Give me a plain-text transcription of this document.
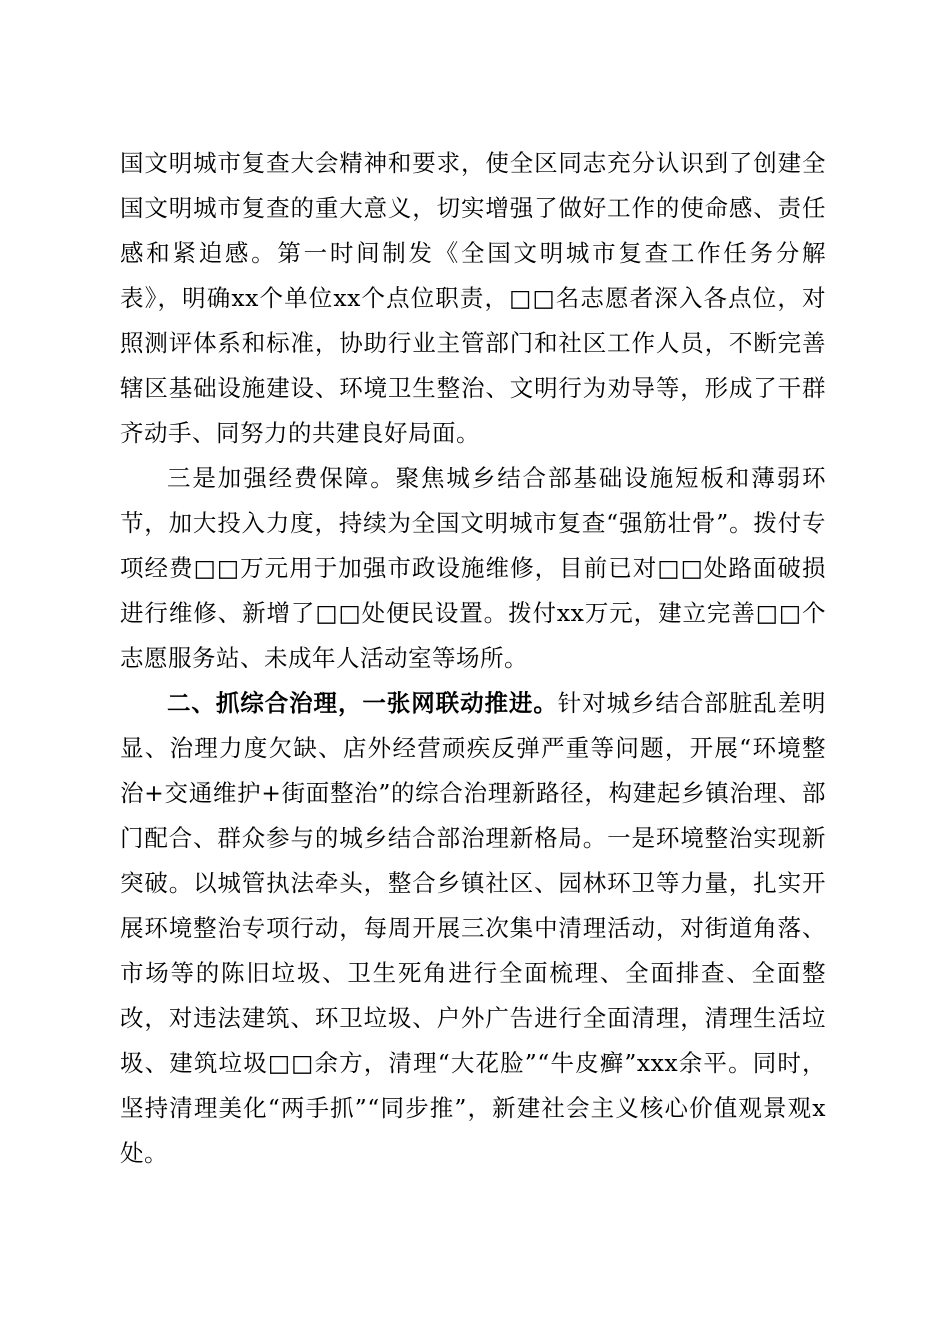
国文明城市复查大会精神和要求，使全区同志充分认识到了创建全国文明城市复查的重大意义，切实增强了做好工作的使命感、责任感和紧迫感。第一时间制发《全国文明城市复查工作任务分解表》，明确xx个单位xx个点位职责，□□名志愿者深入各点位，对照测评体系和标准，协助行业主管部门和社区工作人员，不断完善辖区基础设施建设、环境卫生整治、文明行为劝导等，形成了干群齐动手、同努力的共建良好局面。

三是加强经费保障。聚焦城乡结合部基础设施短板和薄弱环节，加大投入力度，持续为全国文明城市复查“强筋壮骨”。拨付专项经费□□万元用于加强市政设施维修，目前已对□□处路面破损进行维修、新增了□□处便民设置。拨付xx万元，建立完善□□个志愿服务站、未成年人活动室等场所。

二、抓综合治理，一张网联动推进。针对城乡结合部脏乱差明显、治理力度欠缺、店外经营顽疾反弹严重等问题，开展“环境整治+交通维护+街面整治”的综合治理新路径，构建起乡镇治理、部门配合、群众参与的城乡结合部治理新格局。一是环境整治实现新突破。以城管执法牵头，整合乡镇社区、园林环卫等力量，扎实开展环境整治专项行动，每周开展三次集中清理活动，对街道角落、市场等的陈旧垃圾、卫生死角进行全面梳理、全面排查、全面整改，对违法建筑、环卫垃圾、户外广告进行全面清理，清理生活垃圾、建筑垃圾□□余方，清理“大花脸”“牛皮癣”xxx余平。同时，坚持清理美化“两手抓”“同步推”，新建社会主义核心价值观景观x处。
